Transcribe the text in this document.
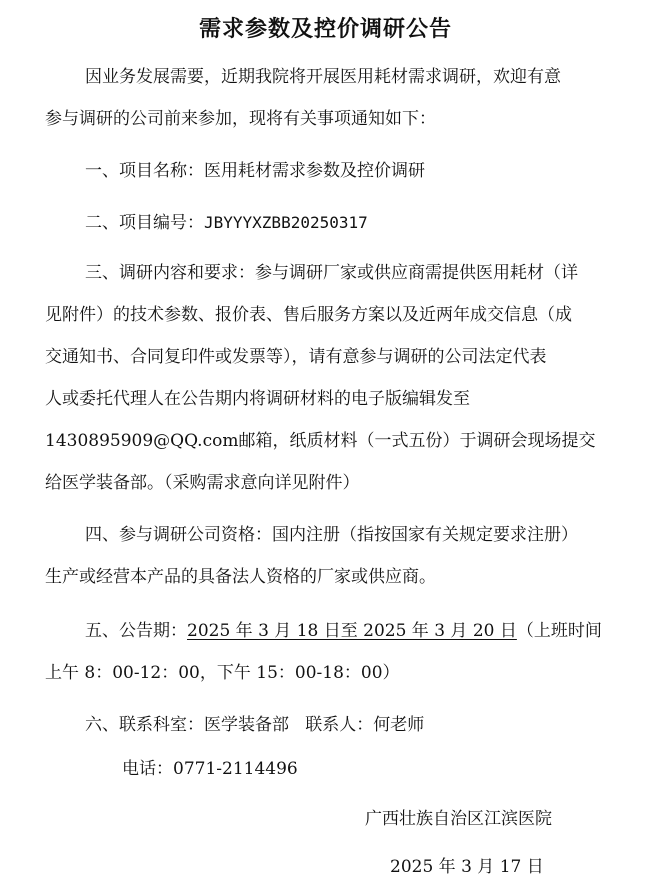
需求参数及控价调研公告
因业务发展需要，近期我院将开展医用耗材需求调研，欢迎有意
参与调研的公司前来参加，现将有关事项通知如下：
一、项目名称：医用耗材需求参数及控价调研
二、项目编号：JBYYYXZBB20250317
三、调研内容和要求：参与调研厂家或供应商需提供医用耗材（详
见附件）的技术参数、报价表、售后服务方案以及近两年成交信息（成
交通知书、合同复印件或发票等），请有意参与调研的公司法定代表
人或委托代理人在公告期内将调研材料的电子版编辑发至
1430895909@QQ.com邮箱，纸质材料（一式五份）于调研会现场提交
给医学装备部。（采购需求意向详见附件）
四、参与调研公司资格：国内注册（指按国家有关规定要求注册）
生产或经营本产品的具备法人资格的厂家或供应商。
五、公告期：2025 年 3 月 18 日至 2025 年 3 月 20 日（上班时间
上午 8：00-12：00，下午 15：00-18：00）
六、联系科室：医学装备部   联系人：何老师
电话：0771-2114496
广西壮族自治区江滨医院
2025 年 3 月 17 日
